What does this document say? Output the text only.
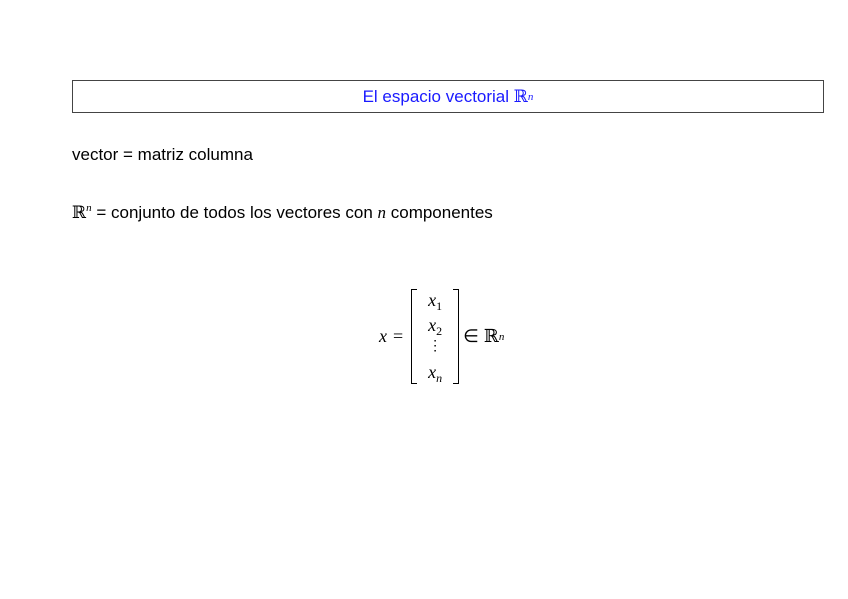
El espacio vectorial
ℝ n
vector = matriz columna
ℝ$^n$ = conjunto de todos los vectores con n componentes
x =
$x_1$
$x_2$
⋮
$x_n$
∈ ℝ n
